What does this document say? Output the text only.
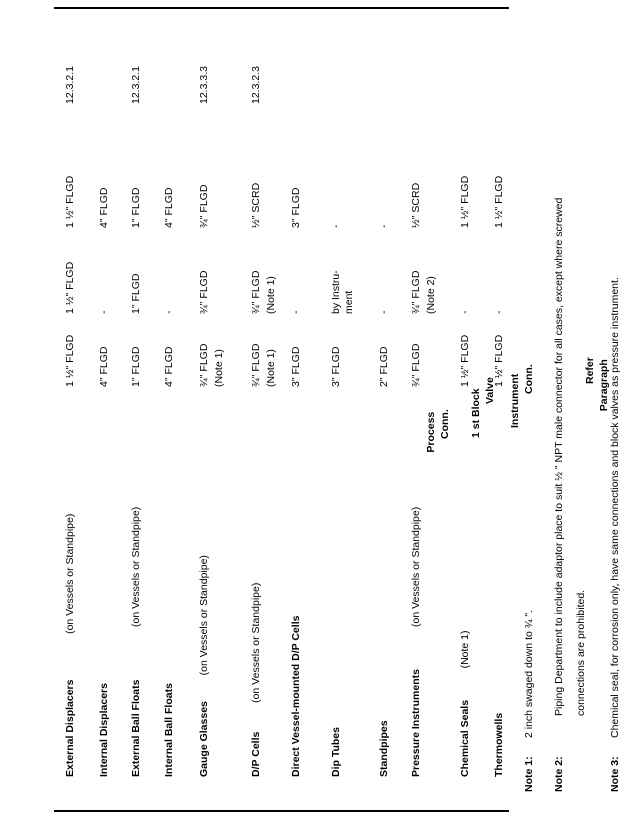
Process Conn. 1 st Block Valve Instrument Conn.	Refer Paragraph
External Displacers
(on Vessels or Standpipe)
1 ½" FLGD
1 ½" FLGD
1 ½" FLGD
12.3.2.1
Internal Displacers
4" FLGD
-
4" FLGD
External Ball Floats
(on Vessels or Standpipe)
1" FLGD
1" FLGD
1" FLGD
12.3.2.1
Internal Ball Floats
4" FLGD
-
4" FLGD
Gauge Glasses
(on Vessels or Standpipe)
¾" FLGD (Note 1)
¾" FLGD
¾" FLGD
12.3.3.3
D/P Cells
(on Vessels or Standpipe)
¾" FLGD (Note 1)
¾" FLGD (Note 1)
½" SCRD
12.3.2.3
Direct Vessel-mounted D/P Cells
3" FLGD
-
3" FLGD
Dip Tubes
3" FLGD
by Instru- ment
-
Standpipes
2" FLGD
-
-
Pressure Instruments
(on Vessels or Standpipe)
¾" FLGD
¾" FLGD (Note 2)
½" SCRD
Chemical Seals
(Note 1)
1 ½" FLGD
-
1 ½" FLGD
Thermowells
1 ½" FLGD
-
1 ½" FLGD
Note 1:
2 inch swaged down to ¾ ".
Note 2:
Piping Department to include adaptor place to suit ½ " NPT male connector for all cases, except where screwed connections are prohibited.
Note 3:
Chemical seal, for corrosion only, have same connections and block valves as pressure instrument.
